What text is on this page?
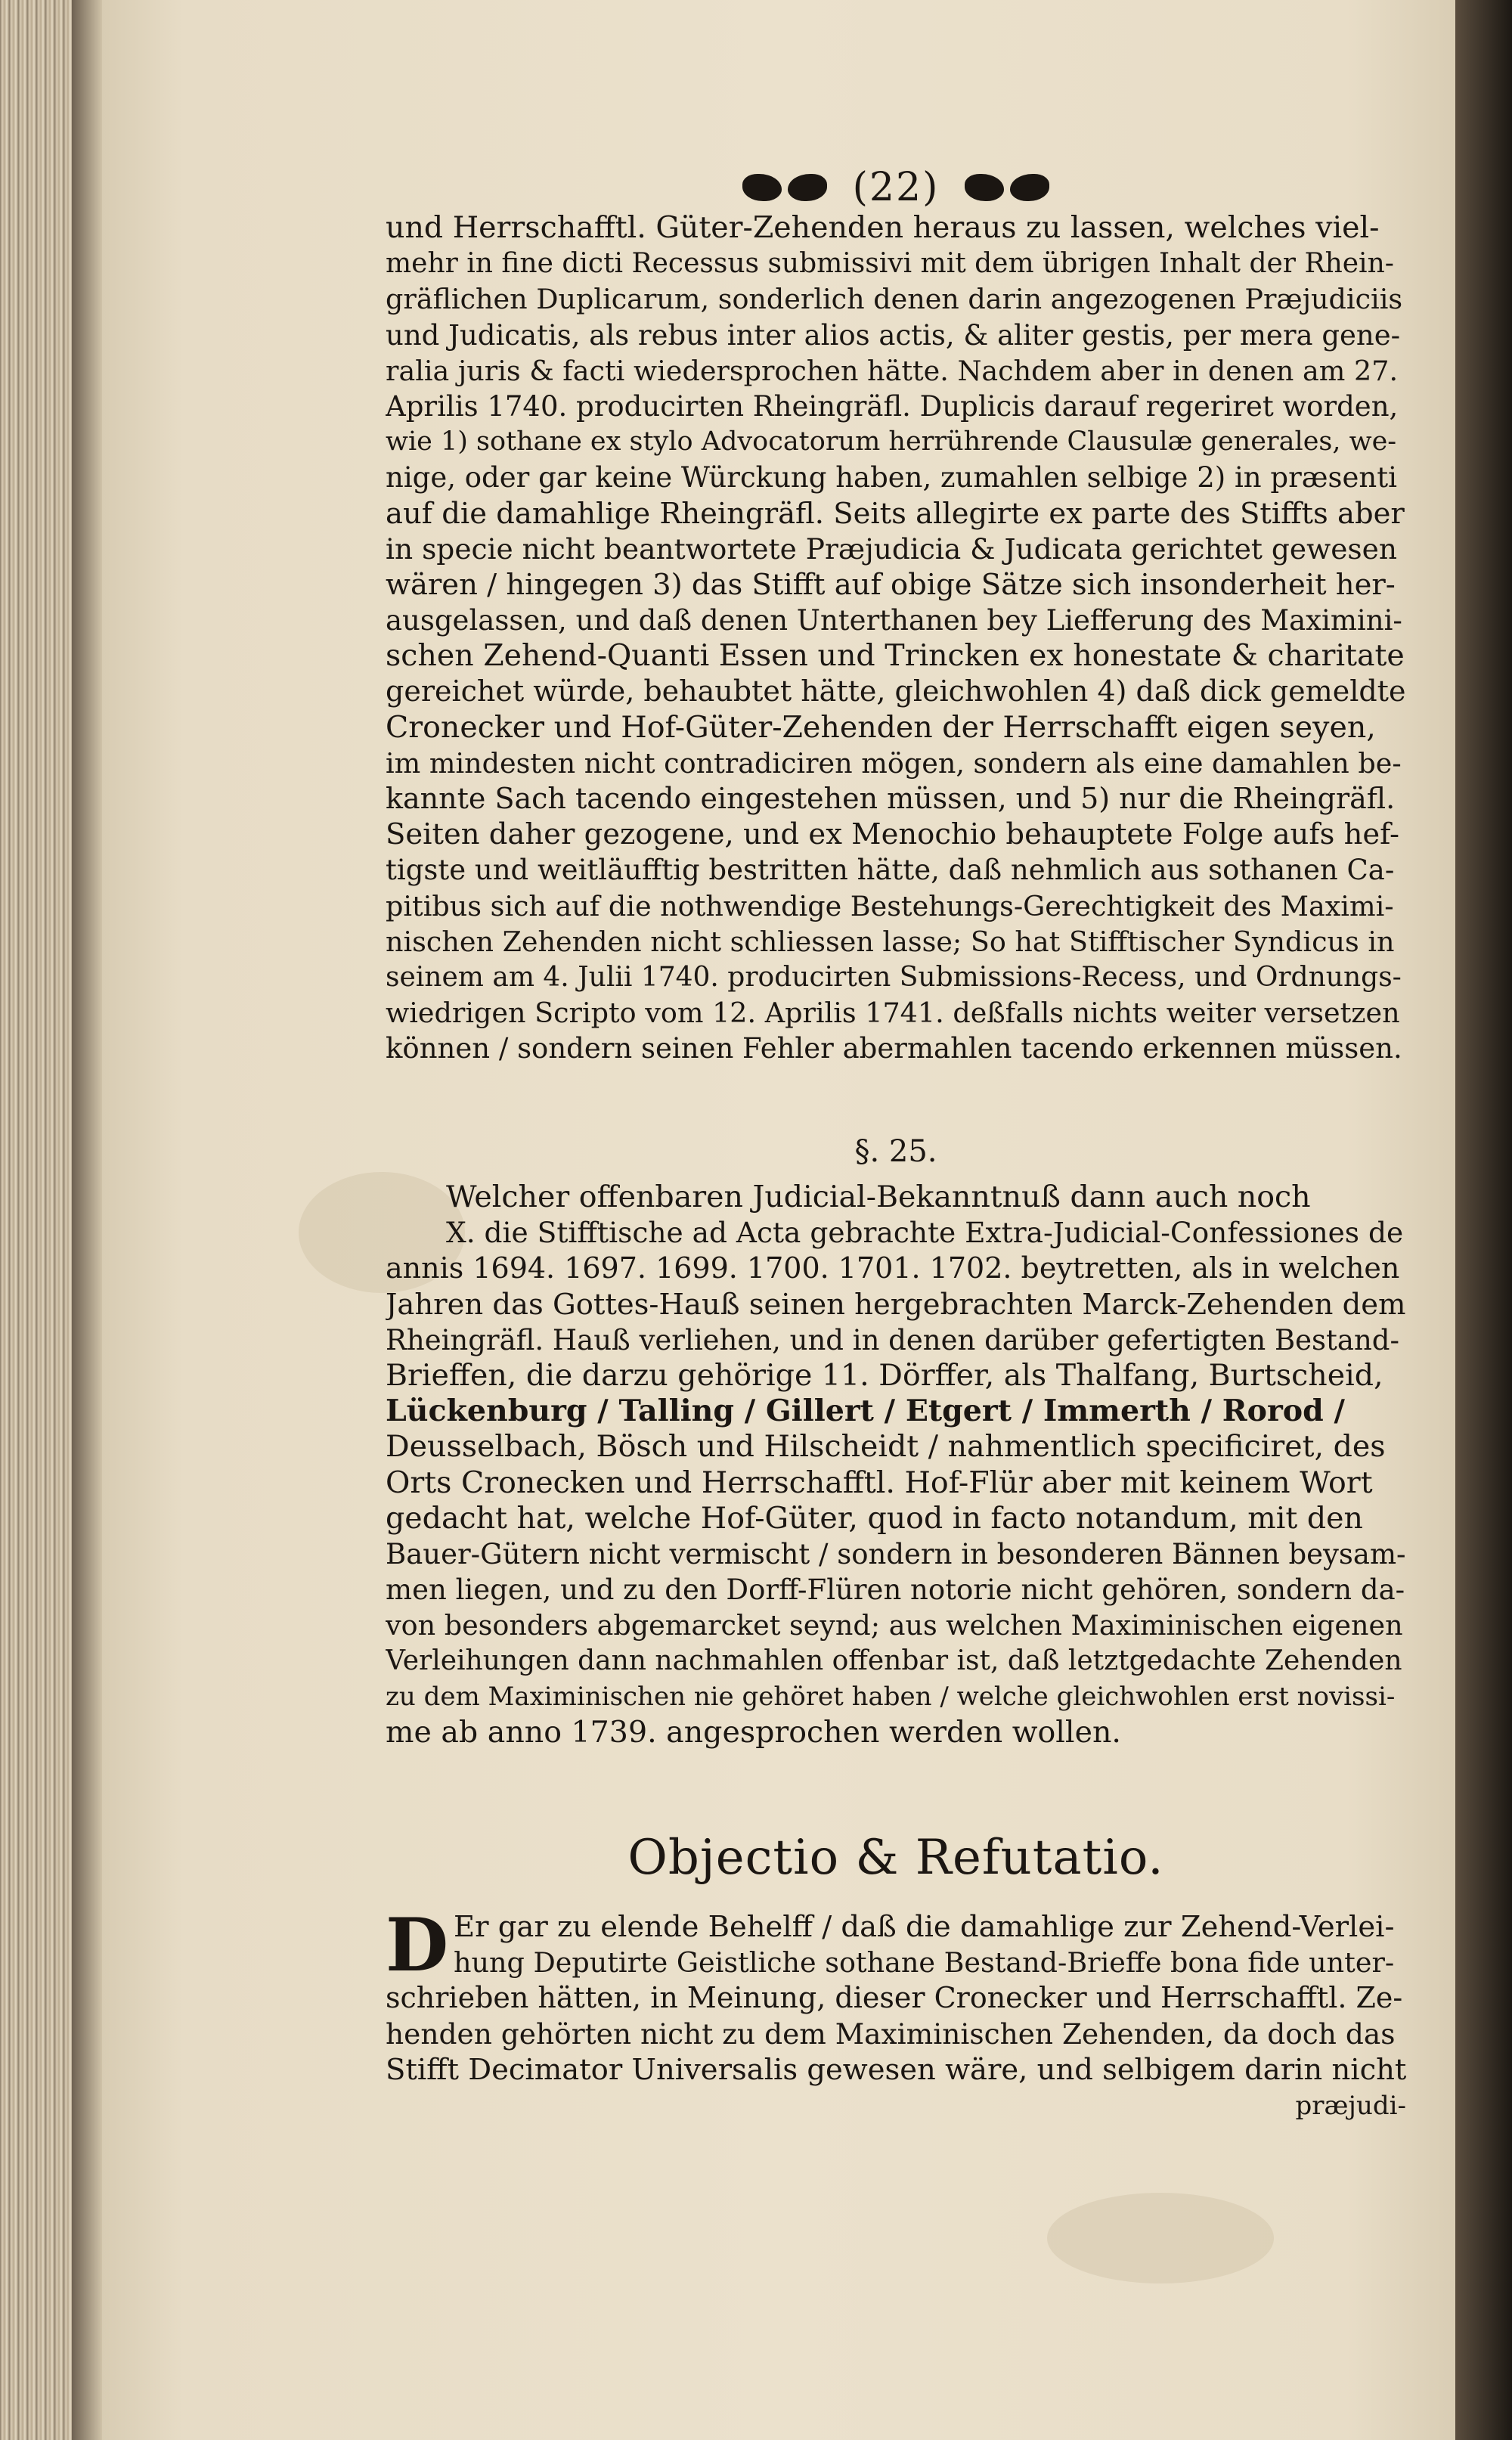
(22)
und Herrschafftl. Güter-Zehenden heraus zu lassen, welches viel-
mehr in fine dicti Recessus submissivi mit dem übrigen Inhalt der Rhein-
gräflichen Duplicarum, sonderlich denen darin angezogenen Præjudiciis
und Judicatis, als rebus inter alios actis, & aliter gestis, per mera gene-
ralia juris & facti wiedersprochen hätte. Nachdem aber in denen am 27.
Aprilis 1740. producirten Rheingräfl. Duplicis darauf regeriret worden,
wie 1) sothane ex stylo Advocatorum herrührende Clausulæ generales, we-
nige, oder gar keine Würckung haben, zumahlen selbige 2) in præsenti
auf die damahlige Rheingräfl. Seits allegirte ex parte des Stiffts aber
in specie nicht beantwortete Præjudicia & Judicata gerichtet gewesen
wären / hingegen 3) das Stifft auf obige Sätze sich insonderheit her-
ausgelassen, und daß denen Unterthanen bey Liefferung des Maximini-
schen Zehend-Quanti Essen und Trincken ex honestate & charitate
gereichet würde, behaubtet hätte, gleichwohlen 4) daß dick gemeldte
Cronecker und Hof-Güter-Zehenden der Herrschafft eigen seyen,
im mindesten nicht contradiciren mögen, sondern als eine damahlen be-
kannte Sach tacendo eingestehen müssen, und 5) nur die Rheingräfl.
Seiten daher gezogene, und ex Menochio behauptete Folge aufs hef-
tigste und weitläufftig bestritten hätte, daß nehmlich aus sothanen Ca-
pitibus sich auf die nothwendige Bestehungs-Gerechtigkeit des Maximi-
nischen Zehenden nicht schliessen lasse; So hat Stifftischer Syndicus in
seinem am 4. Julii 1740. producirten Submissions-Recess, und Ordnungs-
wiedrigen Scripto vom 12. Aprilis 1741. deßfalls nichts weiter versetzen
können / sondern seinen Fehler abermahlen tacendo erkennen müssen.
§. 25.
Welcher offenbaren Judicial-Bekanntnuß dann auch noch
X. die Stifftische ad Acta gebrachte Extra-Judicial-Confessiones de
annis 1694. 1697. 1699. 1700. 1701. 1702. beytretten, als in welchen
Jahren das Gottes-Hauß seinen hergebrachten Marck-Zehenden dem
Rheingräfl. Hauß verliehen, und in denen darüber gefertigten Bestand-
Brieffen, die darzu gehörige 11. Dörffer, als Thalfang, Burtscheid,
Lückenburg / Talling / Gillert / Etgert / Immerth / Rorod /
Deusselbach, Bösch und Hilscheidt / nahmentlich specificiret, des
Orts Cronecken und Herrschafftl. Hof-Flür aber mit keinem Wort
gedacht hat, welche Hof-Güter, quod in facto notandum, mit den
Bauer-Gütern nicht vermischt / sondern in besonderen Bännen beysam-
men liegen, und zu den Dorff-Flüren notorie nicht gehören, sondern da-
von besonders abgemarcket seynd; aus welchen Maximinischen eigenen
Verleihungen dann nachmahlen offenbar ist, daß letztgedachte Zehenden
zu dem Maximinischen nie gehöret haben / welche gleichwohlen erst novissi-
me ab anno 1739. angesprochen werden wollen.
Objectio & Refutatio.
D Er gar zu elende Behelff / daß die damahlige zur Zehend-Verlei-
hung Deputirte Geistliche sothane Bestand-Brieffe bona fide unter-
schrieben hätten, in Meinung, dieser Cronecker und Herrschafftl. Ze-
henden gehörten nicht zu dem Maximinischen Zehenden, da doch das
Stifft Decimator Universalis gewesen wäre, und selbigem darin nicht
præjudi-
